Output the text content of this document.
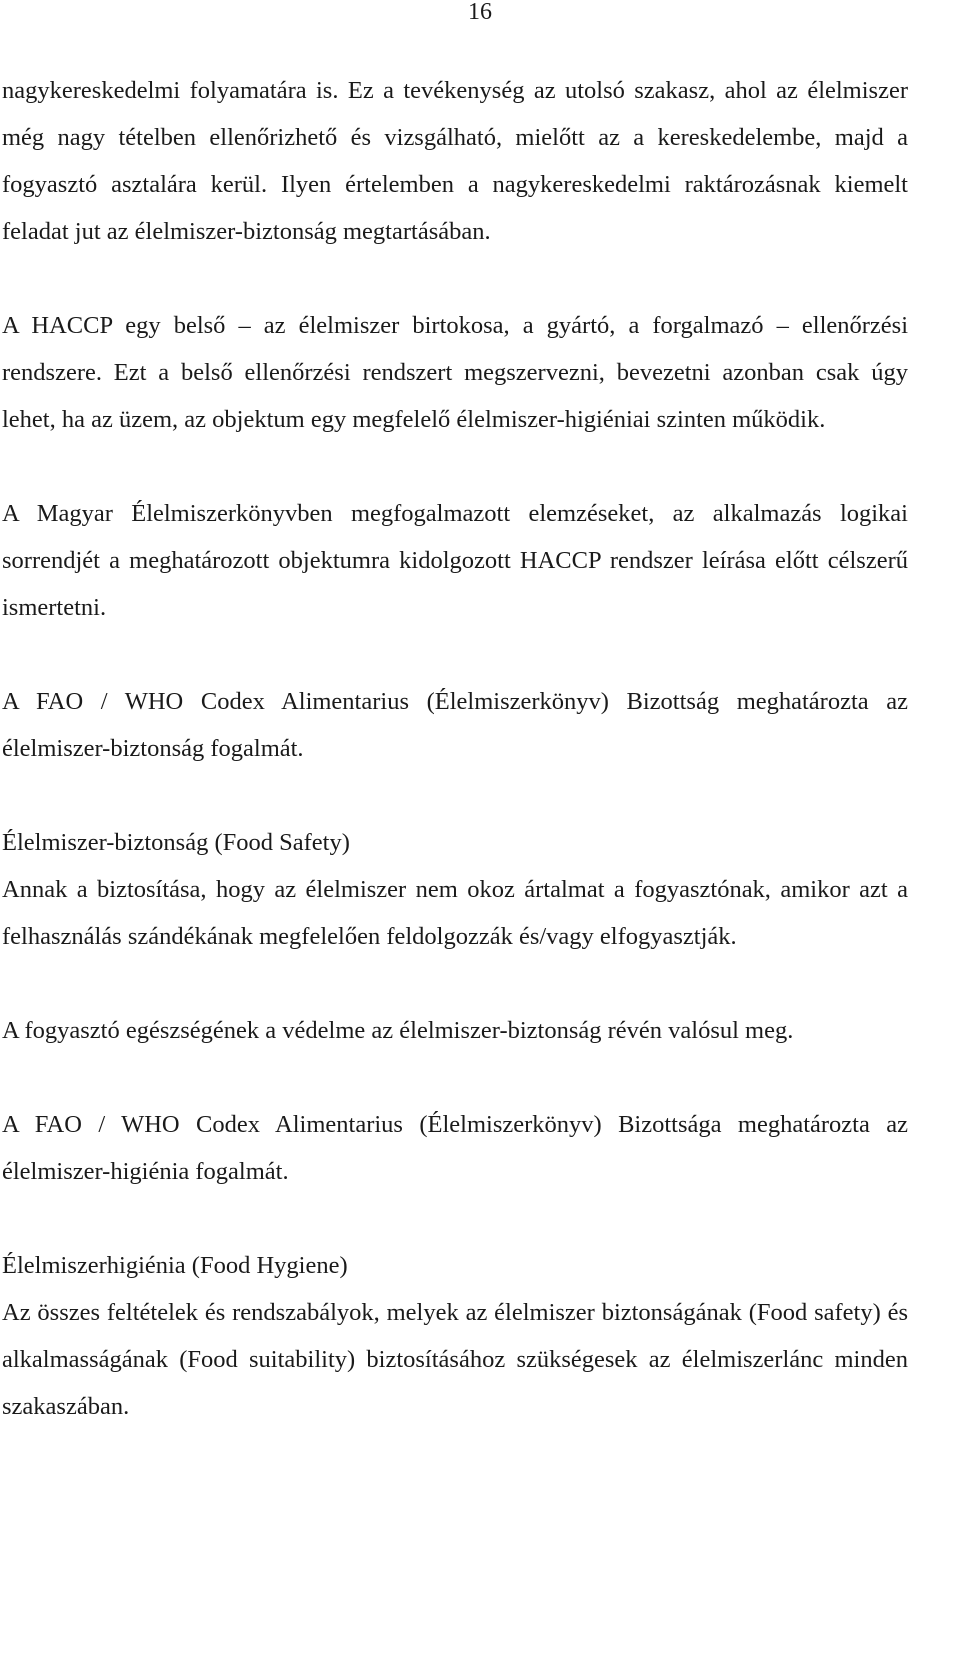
16

nagykereskedelmi folyamatára is. Ez a tevékenység az utolsó szakasz, ahol az élelmiszer még nagy tételben ellenőrizhető és vizsgálható, mielőtt az a kereskedelembe, majd a fogyasztó asztalára kerül. Ilyen értelemben a nagykereskedelmi raktározásnak kiemelt feladat jut az élelmiszer-biztonság megtartásában.

A HACCP egy belső – az élelmiszer birtokosa, a gyártó, a forgalmazó – ellenőrzési rendszere. Ezt a belső ellenőrzési rendszert megszervezni, bevezetni azonban csak úgy lehet, ha az üzem, az objektum egy megfelelő élelmiszer-higiéniai szinten működik.

A Magyar Élelmiszerkönyvben megfogalmazott elemzéseket, az alkalmazás logikai sorrendjét a meghatározott objektumra kidolgozott HACCP rendszer leírása előtt célszerű ismertetni.

A FAO / WHO Codex Alimentarius (Élelmiszerkönyv) Bizottság meghatározta az élelmiszer-biztonság fogalmát.

Élelmiszer-biztonság (Food Safety)

Annak a biztosítása, hogy az élelmiszer nem okoz ártalmat a fogyasztónak, amikor azt a felhasználás szándékának megfelelően feldolgozzák és/vagy elfogyasztják.

A fogyasztó egészségének a védelme az élelmiszer-biztonság révén valósul meg.

A FAO / WHO Codex Alimentarius (Élelmiszerkönyv) Bizottsága meghatározta az élelmiszer-higiénia fogalmát.

Élelmiszerhigiénia (Food Hygiene)

Az összes feltételek és rendszabályok, melyek az élelmiszer biztonságának (Food safety) és alkalmasságának (Food suitability) biztosításához szükségesek az élelmiszerlánc minden szakaszában.
